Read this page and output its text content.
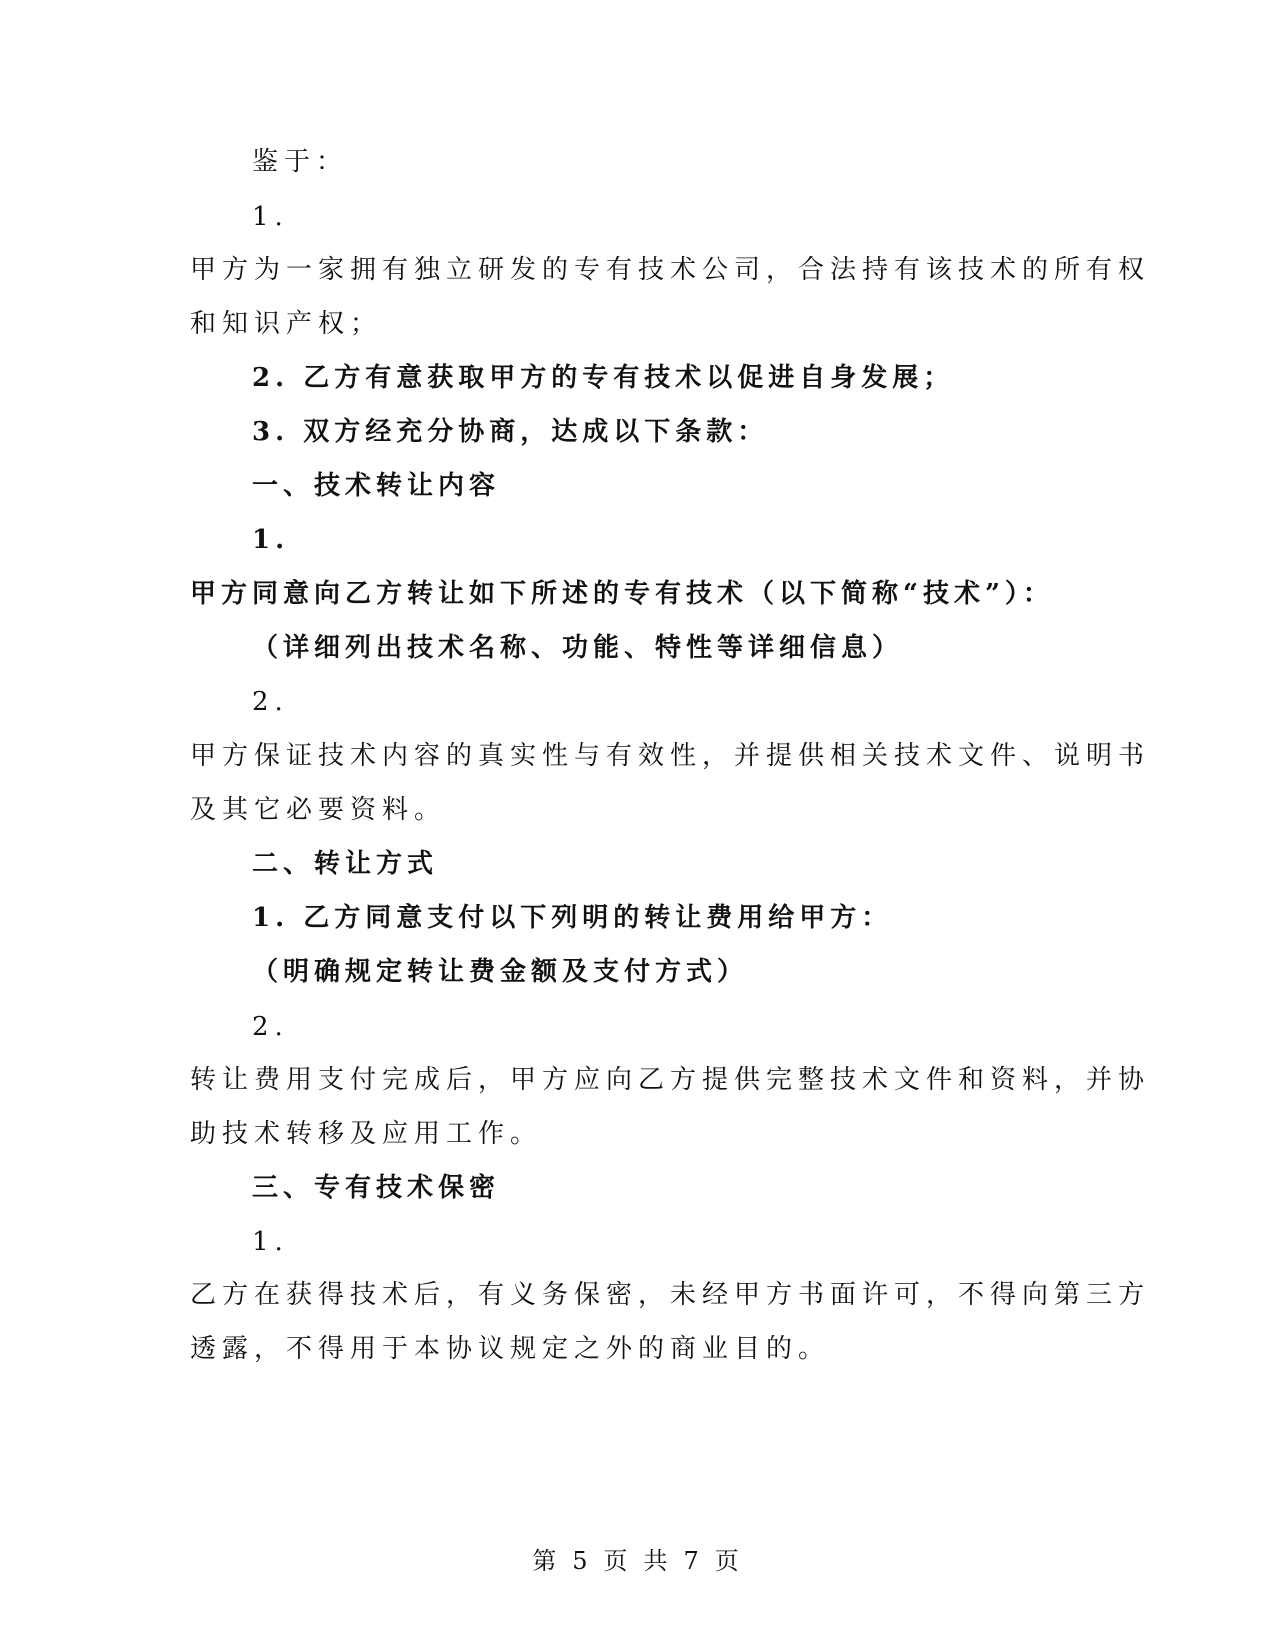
鉴于：
1.
甲方为一家拥有独立研发的专有技术公司，合法持有该技术的所有权
和知识产权；
2. 乙方有意获取甲方的专有技术以促进自身发展；
3. 双方经充分协商，达成以下条款：
一、技术转让内容
1.
甲方同意向乙方转让如下所述的专有技术（以下简称“技术”）：
（详细列出技术名称、功能、特性等详细信息）
2.
甲方保证技术内容的真实性与有效性，并提供相关技术文件、说明书
及其它必要资料。
二、转让方式
1. 乙方同意支付以下列明的转让费用给甲方：
（明确规定转让费金额及支付方式）
2.
转让费用支付完成后，甲方应向乙方提供完整技术文件和资料，并协
助技术转移及应用工作。
三、专有技术保密
1.
乙方在获得技术后，有义务保密，未经甲方书面许可，不得向第三方
透露，不得用于本协议规定之外的商业目的。
第 5 页 共 7 页
